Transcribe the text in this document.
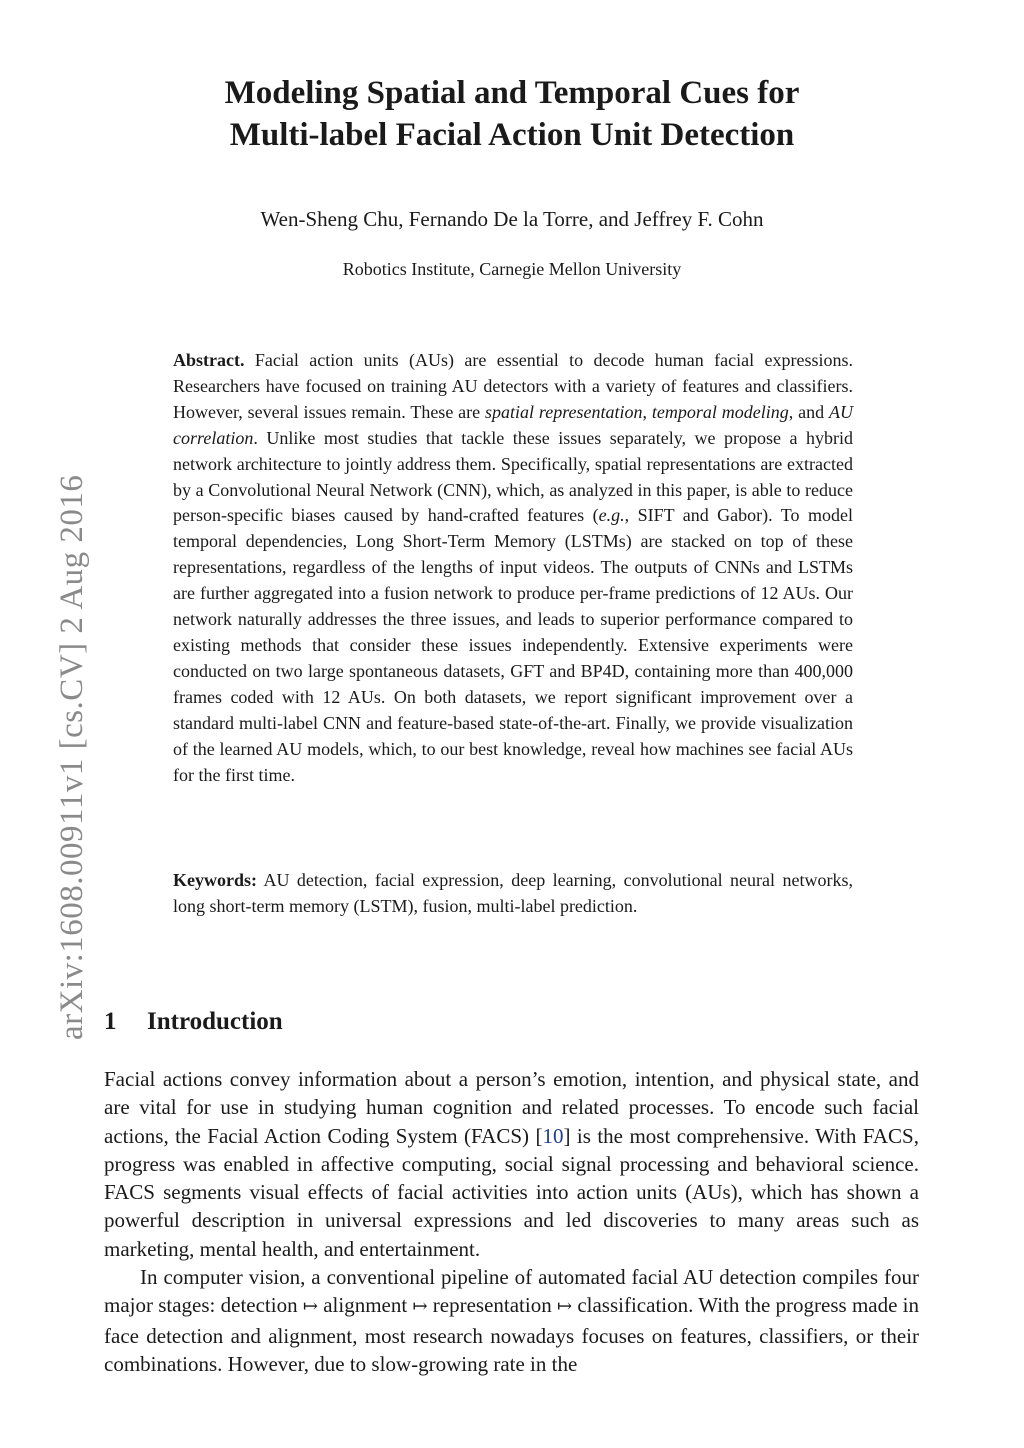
Modeling Spatial and Temporal Cues for
Multi-label Facial Action Unit Detection
Wen-Sheng Chu, Fernando De la Torre, and Jeffrey F. Cohn
Robotics Institute, Carnegie Mellon University
arXiv:1608.00911v1 [cs.CV] 2 Aug 2016
Abstract. Facial action units (AUs) are essential to decode human facial expressions. Researchers have focused on training AU detectors with a variety of features and classifiers. However, several issues remain. These are spatial representation, temporal modeling, and AU correlation. Unlike most studies that tackle these issues separately, we propose a hybrid network architecture to jointly address them. Specifically, spatial representations are extracted by a Convolutional Neural Network (CNN), which, as analyzed in this paper, is able to reduce person-specific biases caused by hand-crafted features (e.g., SIFT and Gabor). To model temporal dependencies, Long Short-Term Memory (LSTMs) are stacked on top of these representations, regardless of the lengths of input videos. The outputs of CNNs and LSTMs are further aggregated into a fusion network to produce per-frame predictions of 12 AUs. Our network naturally addresses the three issues, and leads to superior performance compared to existing methods that consider these issues independently. Extensive experiments were conducted on two large spontaneous datasets, GFT and BP4D, containing more than 400,000 frames coded with 12 AUs. On both datasets, we report significant improvement over a standard multi-label CNN and feature-based state-of-the-art. Finally, we provide visualization of the learned AU models, which, to our best knowledge, reveal how machines see facial AUs for the first time.
Keywords: AU detection, facial expression, deep learning, convolutional neural networks, long short-term memory (LSTM), fusion, multi-label prediction.
1 Introduction

Facial actions convey information about a person’s emotion, intention, and physical state, and are vital for use in studying human cognition and related processes. To encode such facial actions, the Facial Action Coding System (FACS) [10] is the most comprehensive. With FACS, progress was enabled in affective computing, social signal processing and behavioral science. FACS segments visual effects of facial activities into action units (AUs), which has shown a powerful description in universal expressions and led discoveries to many areas such as marketing, mental health, and entertainment.

In computer vision, a conventional pipeline of automated facial AU detection compiles four major stages: detection ↦ alignment ↦ representation ↦ classification. With the progress made in face detection and alignment, most research nowadays focuses on features, classifiers, or their combinations. However, due to slow-growing rate in the
